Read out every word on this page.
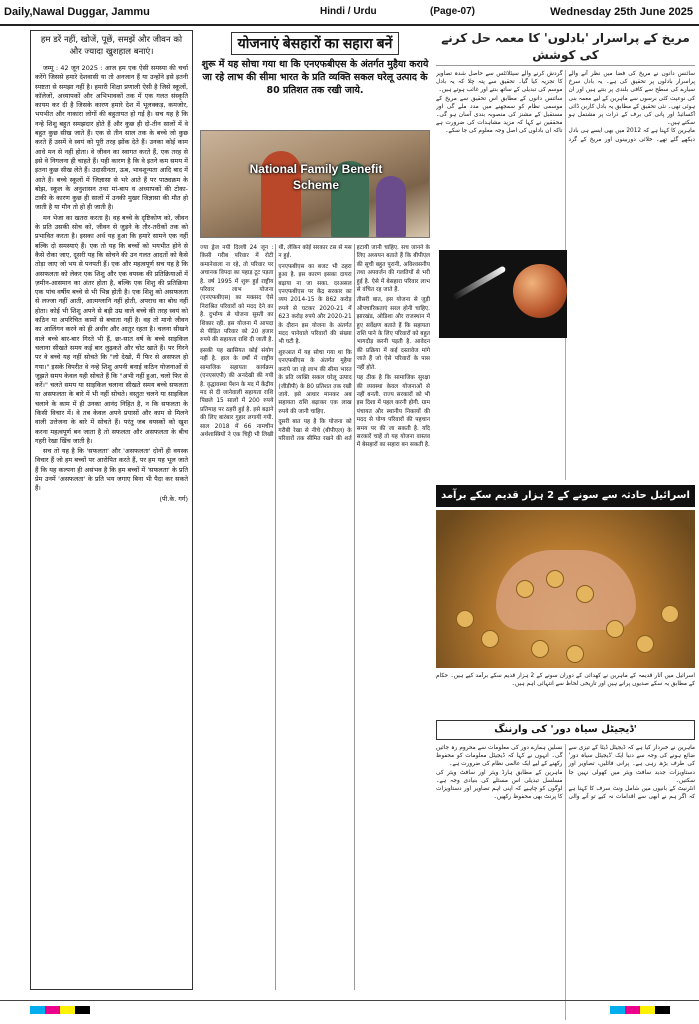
Daily,Nawal Duggar, Jammu	Hindi / Urdu	(Page-07)	Wednesday 25th June 2025
हम डरें नहीं, खोजें, पूछें, समझें और जीवन को और ज्यादा खुशहाल बनाएं।

जम्मू : 42 जून 2025 : आज हम एक ऐसी समस्या की चर्चा करेंगे जिससे हमारे देशवासी या तो अनजान हैं या उन्होंने इसे इतनी स्पष्टता से समझा नहीं है। हमारी शिक्षा प्रणाली ऐसी है जिसे स्कूलों, कॉलेजों, अध्यापकों और अभिभावकों तक में एक गलत संस्कृति कायम कर दी है जिसके कारण हमारे देश में भूलक्कड़, कमजोर, भयभीत और नाकारा लोगों की बहुतायत हो गई है। सच यह है कि नन्हे शिशु बहुत समझदार होते हैं और कुछ ही दो-तीन सालों में वे बहुत कुछ सीख जाते हैं। एक से तीन साल तक के बच्चे जो कुछ करते हैं उसमें वे स्वयं को पूरी तरह झोंक देते हैं। उनका कोई काम आधे मन से नहीं होता। वे जीवन का स्वागत करते हैं, एक तरह से इसे वे निगलना ही चाहते हैं। यही कारण है कि वे इतने कम समय में इतना कुछ सीख लेते हैं। उदासीनता, ऊब, भावशून्यता आदि बाद में आते हैं। बच्चे स्कूलों में जिज्ञासा से भरे आते हैं पर पाठ्यक्रम के बोझ, स्कूल के अनुशासन तथा मां-बाप व अध्यापकों की टोका-टाकी के कारण कुछ ही सालों में उनकी मुखर जिज्ञासा की मौत हो जाती है या मौन तो हो ही जाती है।

मन भेजा का खतरा करता है। वह बच्चे के दृष्टिकोण को, जीवन के प्रति उसकी सोच को, जीवन से जुड़ने के तौर-तरीकों तक को प्रभावित करता है। इसका अर्थ यह हुआ कि हमारे सामने एक नहीं बल्कि दो समस्याएं हैं। एक तो यह कि बच्चों को भयभीत होने से कैसे रोका जाए, दूसरी यह कि सोचने की उन गलत आदतों को कैसे तोड़ा जाए जो भय से पनपती हैं। एक और महत्वपूर्ण सच यह है कि असफलता को लेकर एक शिशु और एक वयस्क की प्रतिक्रियाओं में ज़मीन-आसमान का अंतर होता है, बल्कि एक शिशु की प्रतिक्रिया एक पांच वर्षीय बच्चे से भी भिन्न होती है। एक शिशु को असफलता से लज्जा नहीं आती, आत्मग्लानि नहीं होती, अपराध का बोध नहीं होता। कोई भी शिशु अपने से बड़ी उम्र वाले बच्चे की तरह स्वयं को कठिन या अपरिचित कामों से बचाता नहीं है। वह तो मानो जीवन का आलिंगन करने को ही अधीर और आतुर रहता है। चलना सीखने वाले बच्चे बार-बार गिरते भी हैं, छः-सात वर्ष के बच्चे साइकिल चलाना सीखते समय कई बार लुढ़कते और चोट खाते हैं। पर गिरने पर वे बच्चे यह नहीं सोचते कि "लो देखो, मैं फिर से असफल हो गया।" इसके विपरीत वे नन्हे शिशु अपनी बनाई कठिन योजनाओं से जूझते समय केवल यही सोचते हैं कि "अभी नहीं हुआ, चलो फिर से करें।" चलते समय या साइकिल चलाना सीखते समय बच्चे सफलता या असफलता के बारे में भी नहीं सोचते। वस्तुतः चलने या साइकिल चलाने के काम में ही उनका आनंद निहित है, न कि सफलता के किसी विचार में। वे तब केवल अपने प्रयासों और काम से मिलने वाली उत्तेजना के बारे में सोचते हैं। परंतु जब वयस्कों को खुश करना महत्वपूर्ण बन जाता है तो सफलता और असफलता के बीच गहरी रेखा खिंच जाती है।

सच तो यह है कि 'सफलता' और 'असफलता' दोनों ही वयस्क विचार हैं जो हम बच्चों पर आरोपित करते हैं, पर हम यह भूल जाते हैं कि यह कल्पना ही असंभव है कि हम बच्चों में 'सफलता' के प्रति प्रेम उनमें 'असफलता' के प्रति भय जगाए बिना भी पैदा कर सकते हैं।

(पी.के. गर्ग)
योजनाएं बेसहारों का सहारा बनें
शुरू में यह सोचा गया था कि एनएफबीएस के अंतर्गत मुहैया कराये जा रहे लाभ की सीमा भारत के प्रति व्यक्ति सकल घरेलू उत्पाद के 80 प्रतिशत तक रखी जाये.
National Family Benefit Scheme

ज्या ड्रेज नयी दिल्ली 24 जून : किसी गरीब परिवार में रोटी कमानेवाला ना रहे, तो परिवार पर अचानक विपदा का पहाड़ टूट पड़ता है. वर्ष 1995 में शुरू हुई राष्ट्रीय परिवार लाभ योजना (एनएफबीएस) का मकसद ऐसे निराश्रित परिवारों को मदद देने का है. दुर्भाग्य से योजना सुस्ती का शिकार रही. इस योजना में आपदा से पीड़ित परिवार को 20 हजार रुपये की सहायता राशि दी जाती है.

इसकी यह खासियत कोई संयोग नहीं है. हाल के वर्षों में राष्ट्रीय सामाजिक सहायता कार्यक्रम (एनएसएपी) की अनदेखी की गयी है. वृद्धावस्था पेंशन के मद में केंद्रीय मद से दी जानेवाली सहायता राशि पिछले 15 सालों में 200 रुपये प्रतिमाह पर ठहरी हुई है. इसे बढ़ाने की लिए बारंबार गुहार लगायी गयी. साल 2018 में 66 नामचीन अर्थशास्त्रियों ने एक चिट्ठी भी लिखी थी, लेकिन कोई सरकार टस से मस न हुई.

एनएफबीएस का बजट भी ठहरा हुआ है. इस कारण इसका दायरा बढ़ाया ना जा सका. दरअसल एनएफबीएस पर केंद्र सरकार का व्यय 2014-15 के 862 करोड़ रुपये से घटकर 2020-21 में 623 करोड़ रुपये और 2020-21 के दौरान इस योजना के अंतर्गत मदद पानेवाले परिवारों की संख्या भी घटी है.

शुरुआत में यह सोचा गया था कि एनएफबीएस के अंतर्गत मुहैया कराये जा रहे लाभ की सीमा भारत के प्रति व्यक्ति सकल घरेलू उत्पाद (जीडीपी) के 80 प्रतिशत तक रखी जाये. इसे आधार मानकर अब सहायता राशि बढ़ाकर एक लाख रुपये की जानी चाहिए.

दूसरी बात यह है कि योजना को गरीबी रेखा से नीचे (बीपीएल) के परिवारों तक सीमित रखने की शर्त हटायी जानी चाहिए. सच जानने के लिए अध्ययन बताते हैं कि बीपीएल की सूची बहुत पुरानी, अविश्वसनीय तथा अपवर्जन की गलतियों से भरी हुई है. ऐसे में बेसहारा परिवार लाभ से वंचित रह जाते हैं.

तीसरी बात, इस योजना से जुड़ी औपचारिकताएं सरल होनी चाहिए. झारखंड, ओडिशा और राजस्थान में हुए सर्वेक्षण बताते हैं कि सहायता राशि पाने के लिए परिवारों को बहुत भागदौड़ करनी पड़ती है. आवेदन की प्रक्रिया में कई दस्तावेज मांगे जाते हैं जो ऐसे परिवारों के पास नहीं होते.

यह ठीक है कि सामाजिक सुरक्षा की व्यवस्था केवल योजनाओं से नहीं बनती. राज्य सरकारों को भी इस दिशा में पहल करनी होगी. ग्राम पंचायत और स्थानीय निकायों की मदद से योग्य परिवारों की पहचान समय पर की जा सकती है. यदि सरकारें चाहें तो यह योजना वास्तव में बेसहारों का सहारा बन सकती है.

مریخ کے پراسرار 'بادلوں' کا معمہ حل کرنے کی کوشش

سائنس دانوں نے مریخ کی فضا میں نظر آنے والے پراسرار بادلوں پر تحقیق کی ہے۔ یہ بادل سرخ سیارے کی سطح سے کافی بلندی پر بنتے ہیں اور ان کی نوعیت کئی برسوں سے ماہرین کے لیے معمہ بنی ہوئی تھی۔ نئی تحقیق کے مطابق یہ بادل کاربن ڈائی آکسائیڈ اور پانی کی برف کے ذرات پر مشتمل ہو سکتے ہیں۔

ماہرین کا کہنا ہے کہ 2012 میں بھی ایسے ہی بادل دیکھے گئے تھے۔ خلائی دوربینوں اور مریخ کے گرد گردش کرنے والے سیٹلائٹس سے حاصل شدہ تصاویر کا تجزیہ کیا گیا۔ تحقیق سے پتہ چلا کہ یہ بادل موسم کی تبدیلی کے ساتھ بنتے اور غائب ہوتے ہیں۔

سائنس دانوں کے مطابق اس تحقیق سے مریخ کے موسمی نظام کو سمجھنے میں مدد ملے گی اور مستقبل کے مشنز کی منصوبہ بندی آسان ہو گی۔ محققین نے کہا کہ مزید مشاہدات کی ضرورت ہے تاکہ ان بادلوں کی اصل وجہ معلوم کی جا سکے۔

اسرائیل حادثہ سے سونے کے 2 ہزار قدیم سکے برآمد

اسرائیل میں آثار قدیمہ کے ماہرین نے کھدائی کے دوران سونے کے 2 ہزار قدیم سکے برآمد کیے ہیں۔ حکام کے مطابق یہ سکے صدیوں پرانے ہیں اور تاریخی لحاظ سے انتہائی اہم ہیں۔

'ڈیجیٹل سیاہ دور' کی وارننگ

ماہرین نے خبردار کیا ہے کہ ڈیجیٹل ڈیٹا کے تیزی سے ضائع ہونے کی وجہ سے دنیا ایک 'ڈیجیٹل سیاہ دور' کی طرف بڑھ رہی ہے۔ پرانی فائلیں، تصاویر اور دستاویزات جدید سافٹ ویئر میں کھولی نہیں جا سکتیں۔

انٹرنیٹ کے بانیوں میں شامل ونٹ سرف کا کہنا ہے کہ اگر ہم نے ابھی سے اقدامات نہ کیے تو آنے والی نسلیں ہمارے دور کی معلومات سے محروم رہ جائیں گی۔ انہوں نے کہا کہ ڈیجیٹل معلومات کو محفوظ رکھنے کے لیے ایک عالمی نظام کی ضرورت ہے۔

ماہرین کے مطابق ہارڈ ویئر اور سافٹ ویئر کی مسلسل تبدیلی اس مسئلے کی بنیادی وجہ ہے۔ لوگوں کو چاہیے کہ اپنی اہم تصاویر اور دستاویزات کا پرنٹ بھی محفوظ رکھیں۔
